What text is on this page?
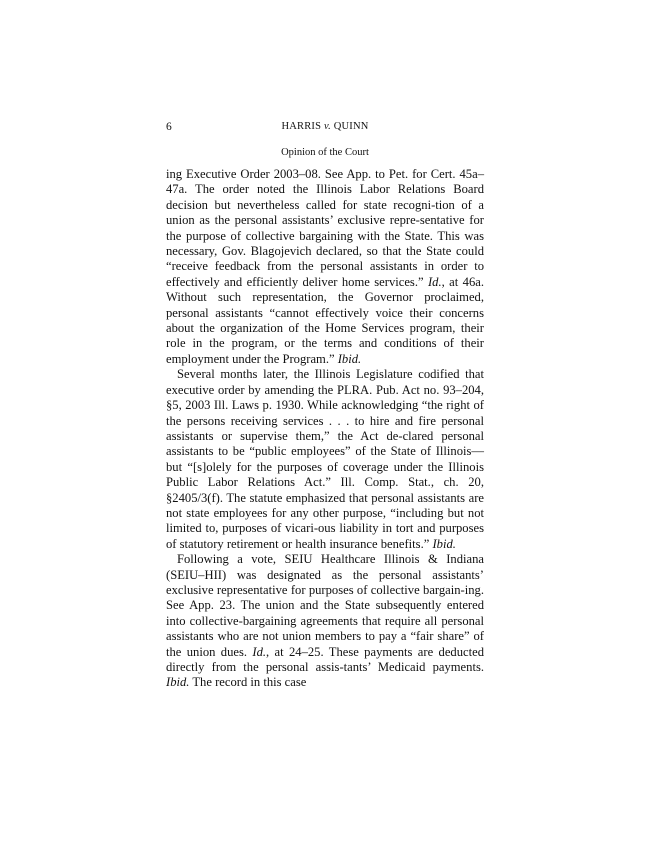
6	HARRIS v. QUINN
Opinion of the Court

ing Executive Order 2003–08. See App. to Pet. for Cert. 45a–47a. The order noted the Illinois Labor Relations Board decision but nevertheless called for state recogni-tion of a union as the personal assistants’ exclusive repre-sentative for the purpose of collective bargaining with the State. This was necessary, Gov. Blagojevich declared, so that the State could “receive feedback from the personal assistants in order to effectively and efficiently deliver home services.” Id., at 46a. Without such representation, the Governor proclaimed, personal assistants “cannot effectively voice their concerns about the organization of the Home Services program, their role in the program, or the terms and conditions of their employment under the Program.” Ibid.

Several months later, the Illinois Legislature codified that executive order by amending the PLRA. Pub. Act no. 93–204, §5, 2003 Ill. Laws p. 1930. While acknowledging “the right of the persons receiving services . . . to hire and fire personal assistants or supervise them,” the Act de-clared personal assistants to be “public employees” of the State of Illinois—but “[s]olely for the purposes of coverage under the Illinois Public Labor Relations Act.” Ill. Comp. Stat., ch. 20, §2405/3(f). The statute emphasized that personal assistants are not state employees for any other purpose, “including but not limited to, purposes of vicari-ous liability in tort and purposes of statutory retirement or health insurance benefits.” Ibid.

Following a vote, SEIU Healthcare Illinois & Indiana (SEIU–HII) was designated as the personal assistants’ exclusive representative for purposes of collective bargain-ing. See App. 23. The union and the State subsequently entered into collective-bargaining agreements that require all personal assistants who are not union members to pay a “fair share” of the union dues. Id., at 24–25. These payments are deducted directly from the personal assis-tants’ Medicaid payments. Ibid. The record in this case
